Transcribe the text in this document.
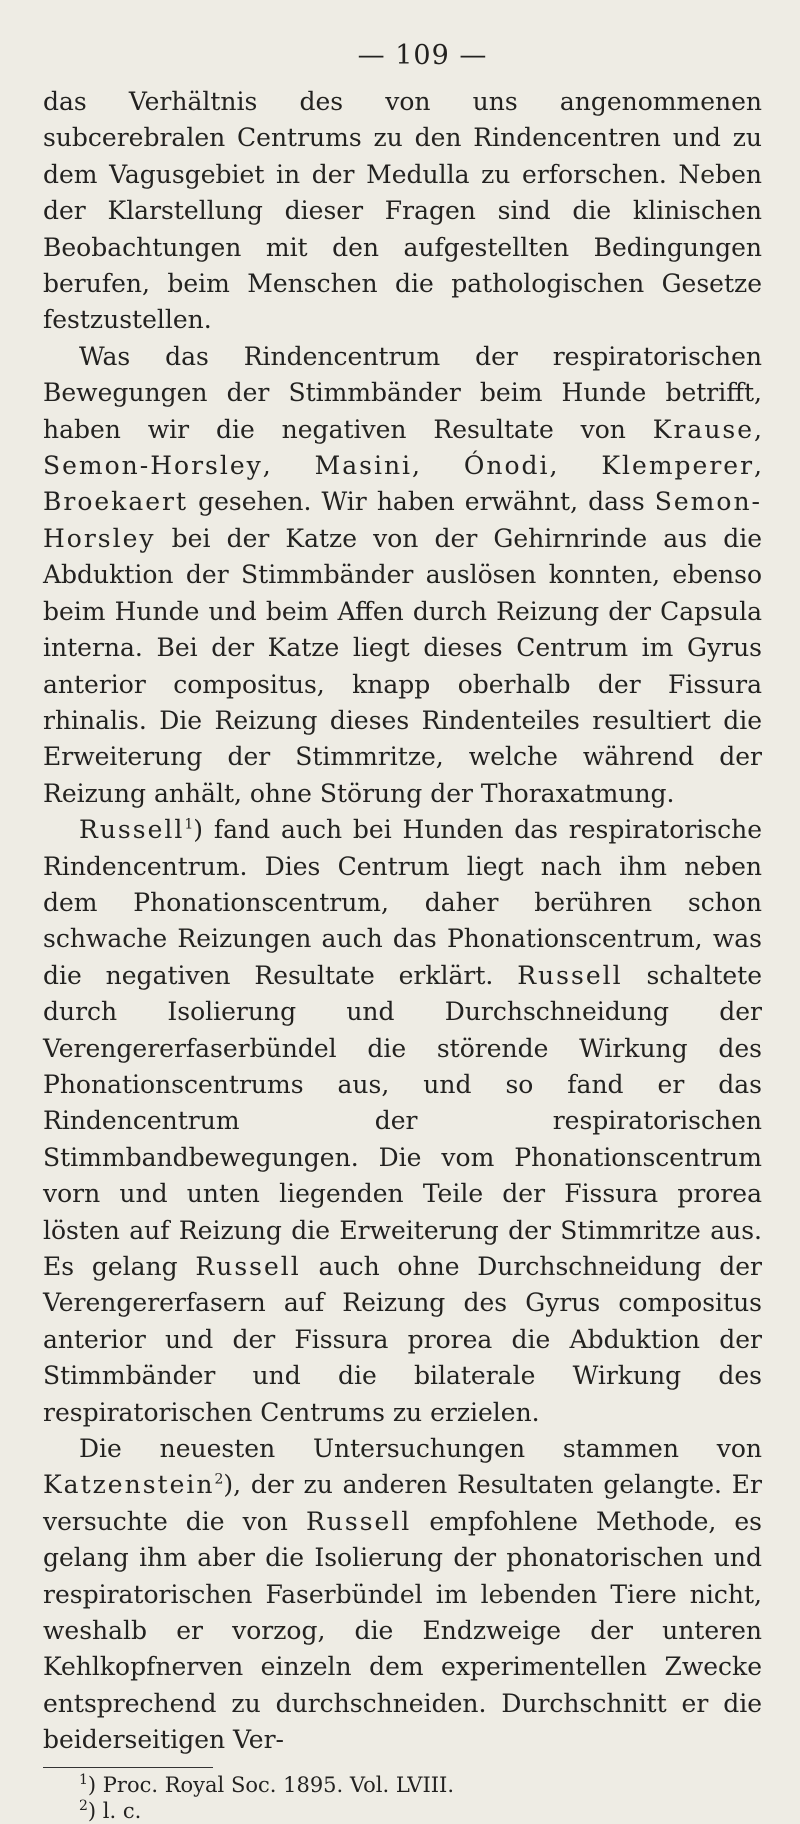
— 109 —

das Verhältnis des von uns angenommenen subcerebralen Centrums zu den Rindencentren und zu dem Vagusgebiet in der Medulla zu erforschen. Neben der Klarstellung dieser Fragen sind die klinischen Beobachtungen mit den aufgestellten Bedingungen berufen, beim Menschen die pathologischen Gesetze festzustellen.

Was das Rindencentrum der respiratorischen Bewegungen der Stimmbänder beim Hunde betrifft, haben wir die negativen Resultate von Krause, Semon-Horsley, Masini, Ónodi, Klemperer, Broekaert gesehen. Wir haben erwähnt, dass Semon-Horsley bei der Katze von der Gehirnrinde aus die Abduktion der Stimmbänder auslösen konnten, ebenso beim Hunde und beim Affen durch Reizung der Capsula interna. Bei der Katze liegt dieses Centrum im Gyrus anterior compositus, knapp oberhalb der Fissura rhinalis. Die Reizung dieses Rindenteiles resultiert die Erweiterung der Stimmritze, welche während der Reizung anhält, ohne Störung der Thoraxatmung.

Russell$^1$) fand auch bei Hunden das respiratorische Rindencentrum. Dies Centrum liegt nach ihm neben dem Phonationscentrum, daher berühren schon schwache Reizungen auch das Phonationscentrum, was die negativen Resultate erklärt. Russell schaltete durch Isolierung und Durchschneidung der Verengererfaserbündel die störende Wirkung des Phonationscentrums aus, und so fand er das Rindencentrum der respiratorischen Stimmbandbewegungen. Die vom Phonationscentrum vorn und unten liegenden Teile der Fissura prorea lösten auf Reizung die Erweiterung der Stimmritze aus. Es gelang Russell auch ohne Durchschneidung der Verengererfasern auf Reizung des Gyrus compositus anterior und der Fissura prorea die Abduktion der Stimmbänder und die bilaterale Wirkung des respiratorischen Centrums zu erzielen.

Die neuesten Untersuchungen stammen von Katzenstein$^2$), der zu anderen Resultaten gelangte. Er versuchte die von Russell empfohlene Methode, es gelang ihm aber die Isolierung der phonatorischen und respiratorischen Faserbündel im lebenden Tiere nicht, weshalb er vorzog, die Endzweige der unteren Kehlkopfnerven einzeln dem experimentellen Zwecke entsprechend zu durchschneiden. Durchschnitt er die beiderseitigen Ver-

$^1$) Proc. Royal Soc. 1895. Vol. LVIII.

$^2$) l. c.
